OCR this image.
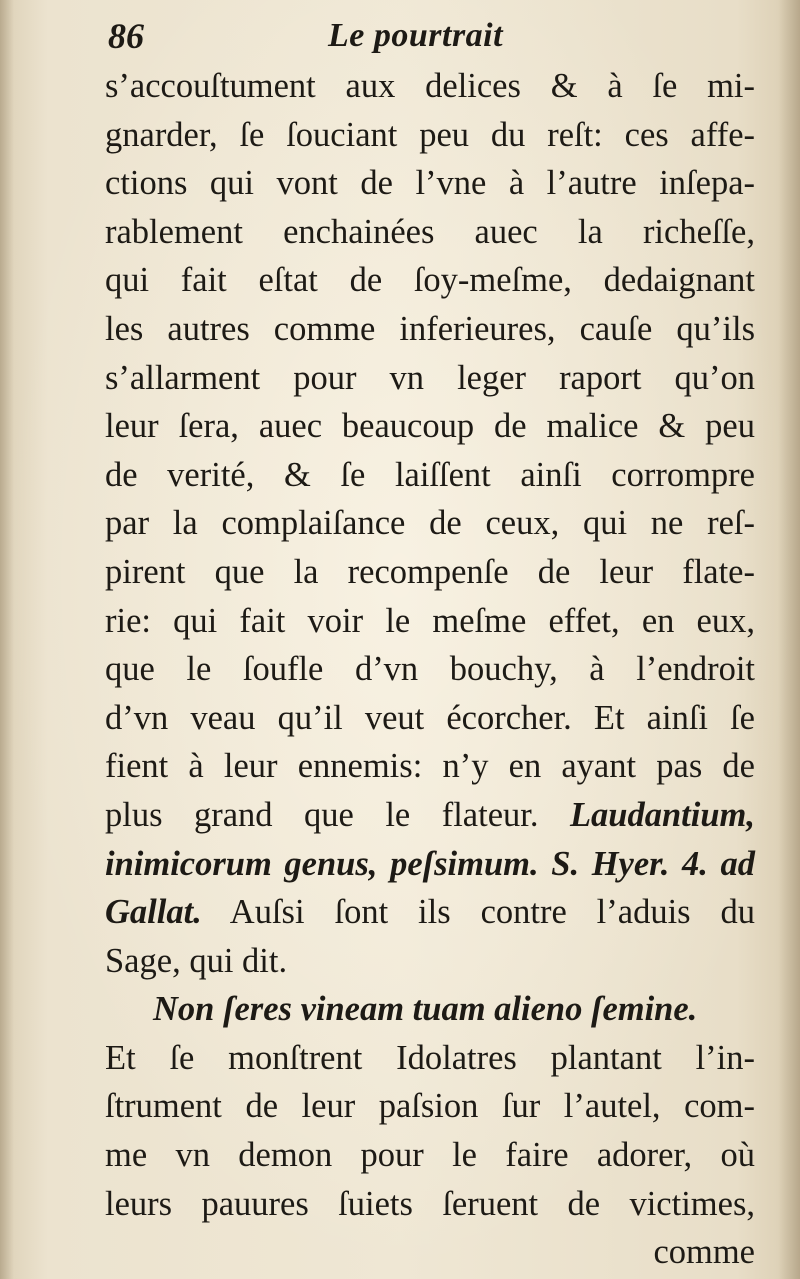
86	Le pourtrait
s’accouſtument aux delices & à ſe mi-
gnarder, ſe ſouciant peu du reſt: ces affe-
ctions qui vont de l’vne à l’autre inſepa-
rablement enchainées auec la richeſſe,
qui fait eſtat de ſoy-meſme, dedaignant
les autres comme inferieures, cauſe qu’ils
s’allarment pour vn leger raport qu’on
leur ſera, auec beaucoup de malice & peu
de verité, & ſe laiſſent ainſi corrompre
par la complaiſance de ceux, qui ne reſ-
pirent que la recompenſe de leur flate-
rie: qui fait voir le meſme effet, en eux,
que le ſoufle d’vn bouchy, à l’endroit
d’vn veau qu’il veut écorcher. Et ainſi ſe
fient à leur ennemis: n’y en ayant pas de
plus grand que le flateur. Laudantium,
inimicorum genus, peſsimum. S. Hyer. 4. ad
Gallat. Auſsi ſont ils contre l’aduis du
Sage, qui dit.
Non ſeres vineam tuam alieno ſemine.
Et ſe monſtrent Idolatres plantant l’in-
ſtrument de leur paſsion ſur l’autel, com-
me vn demon pour le faire adorer, où
leurs pauures ſuiets ſeruent de victimes,
comme
